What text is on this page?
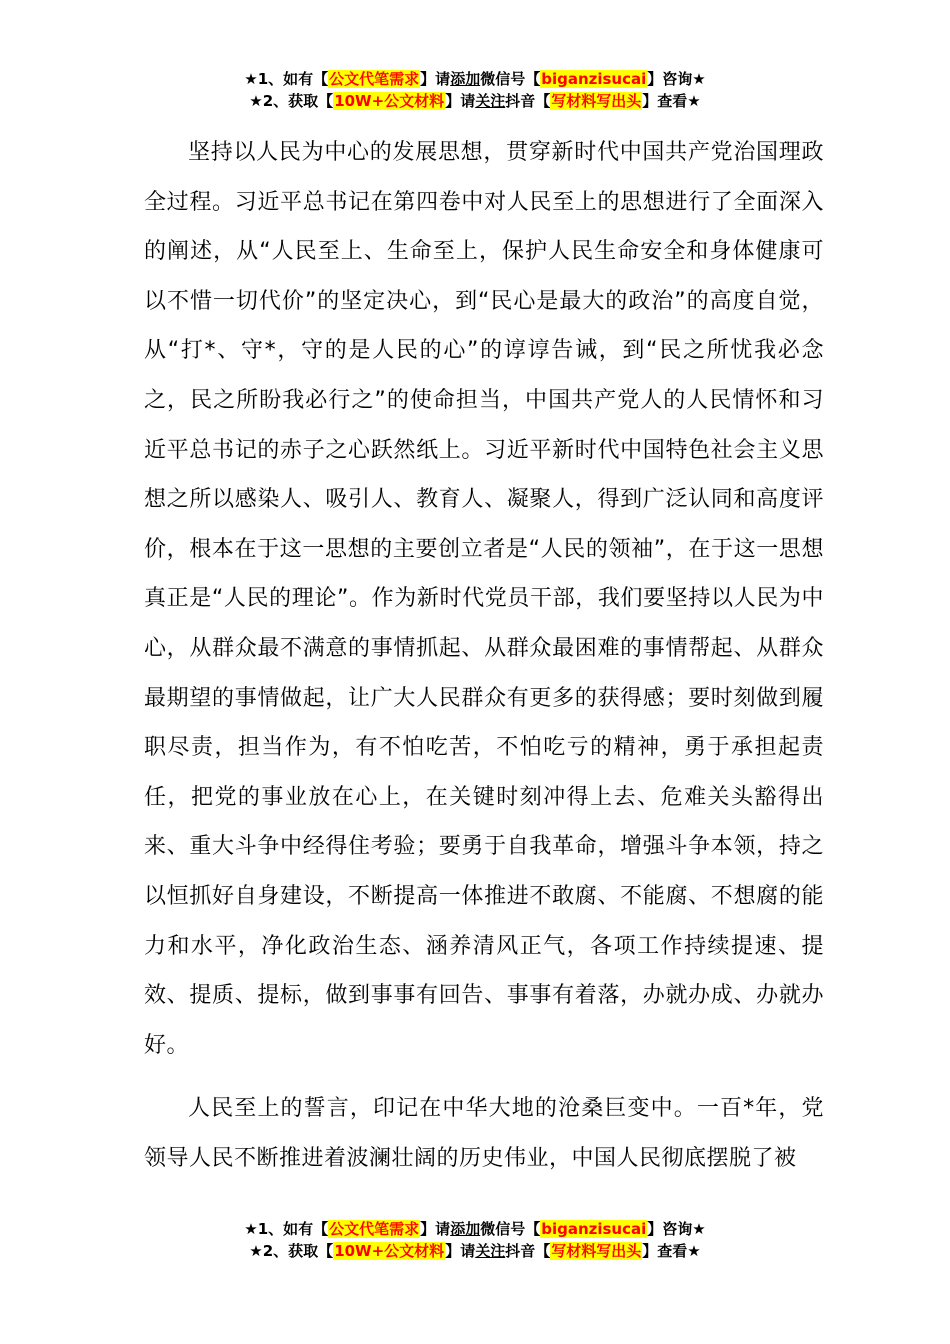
★1、如有【公文代笔需求】请添加微信号【biganzisucai】咨询★
★2、获取【10W+公文材料】请关注抖音【写材料写出头】查看★

坚持以人民为中心的发展思想，贯穿新时代中国共产党治国理政全过程。习近平总书记在第四卷中对人民至上的思想进行了全面深入的阐述，从“人民至上、生命至上，保护人民生命安全和身体健康可以不惜一切代价”的坚定决心，到“民心是最大的政治”的高度自觉，从“打*、守*，守的是人民的心”的谆谆告诫，到“民之所忧我必念之，民之所盼我必行之”的使命担当，中国共产党人的人民情怀和习近平总书记的赤子之心跃然纸上。习近平新时代中国特色社会主义思想之所以感染人、吸引人、教育人、凝聚人，得到广泛认同和高度评价，根本在于这一思想的主要创立者是“人民的领袖”，在于这一思想真正是“人民的理论”。作为新时代党员干部，我们要坚持以人民为中心，从群众最不满意的事情抓起、从群众最困难的事情帮起、从群众最期望的事情做起，让广大人民群众有更多的获得感；要时刻做到履职尽责，担当作为，有不怕吃苦，不怕吃亏的精神，勇于承担起责任，把党的事业放在心上，在关键时刻冲得上去、危难关头豁得出来、重大斗争中经得住考验；要勇于自我革命，增强斗争本领，持之以恒抓好自身建设，不断提高一体推进不敢腐、不能腐、不想腐的能力和水平，净化政治生态、涵养清风正气，各项工作持续提速、提效、提质、提标，做到事事有回告、事事有着落，办就办成、办就办好。

人民至上的誓言，印记在中华大地的沧桑巨变中。一百*年，党领导人民不断推进着波澜壮阔的历史伟业，中国人民彻底摆脱了被

★1、如有【公文代笔需求】请添加微信号【biganzisucai】咨询★
★2、获取【10W+公文材料】请关注抖音【写材料写出头】查看★
